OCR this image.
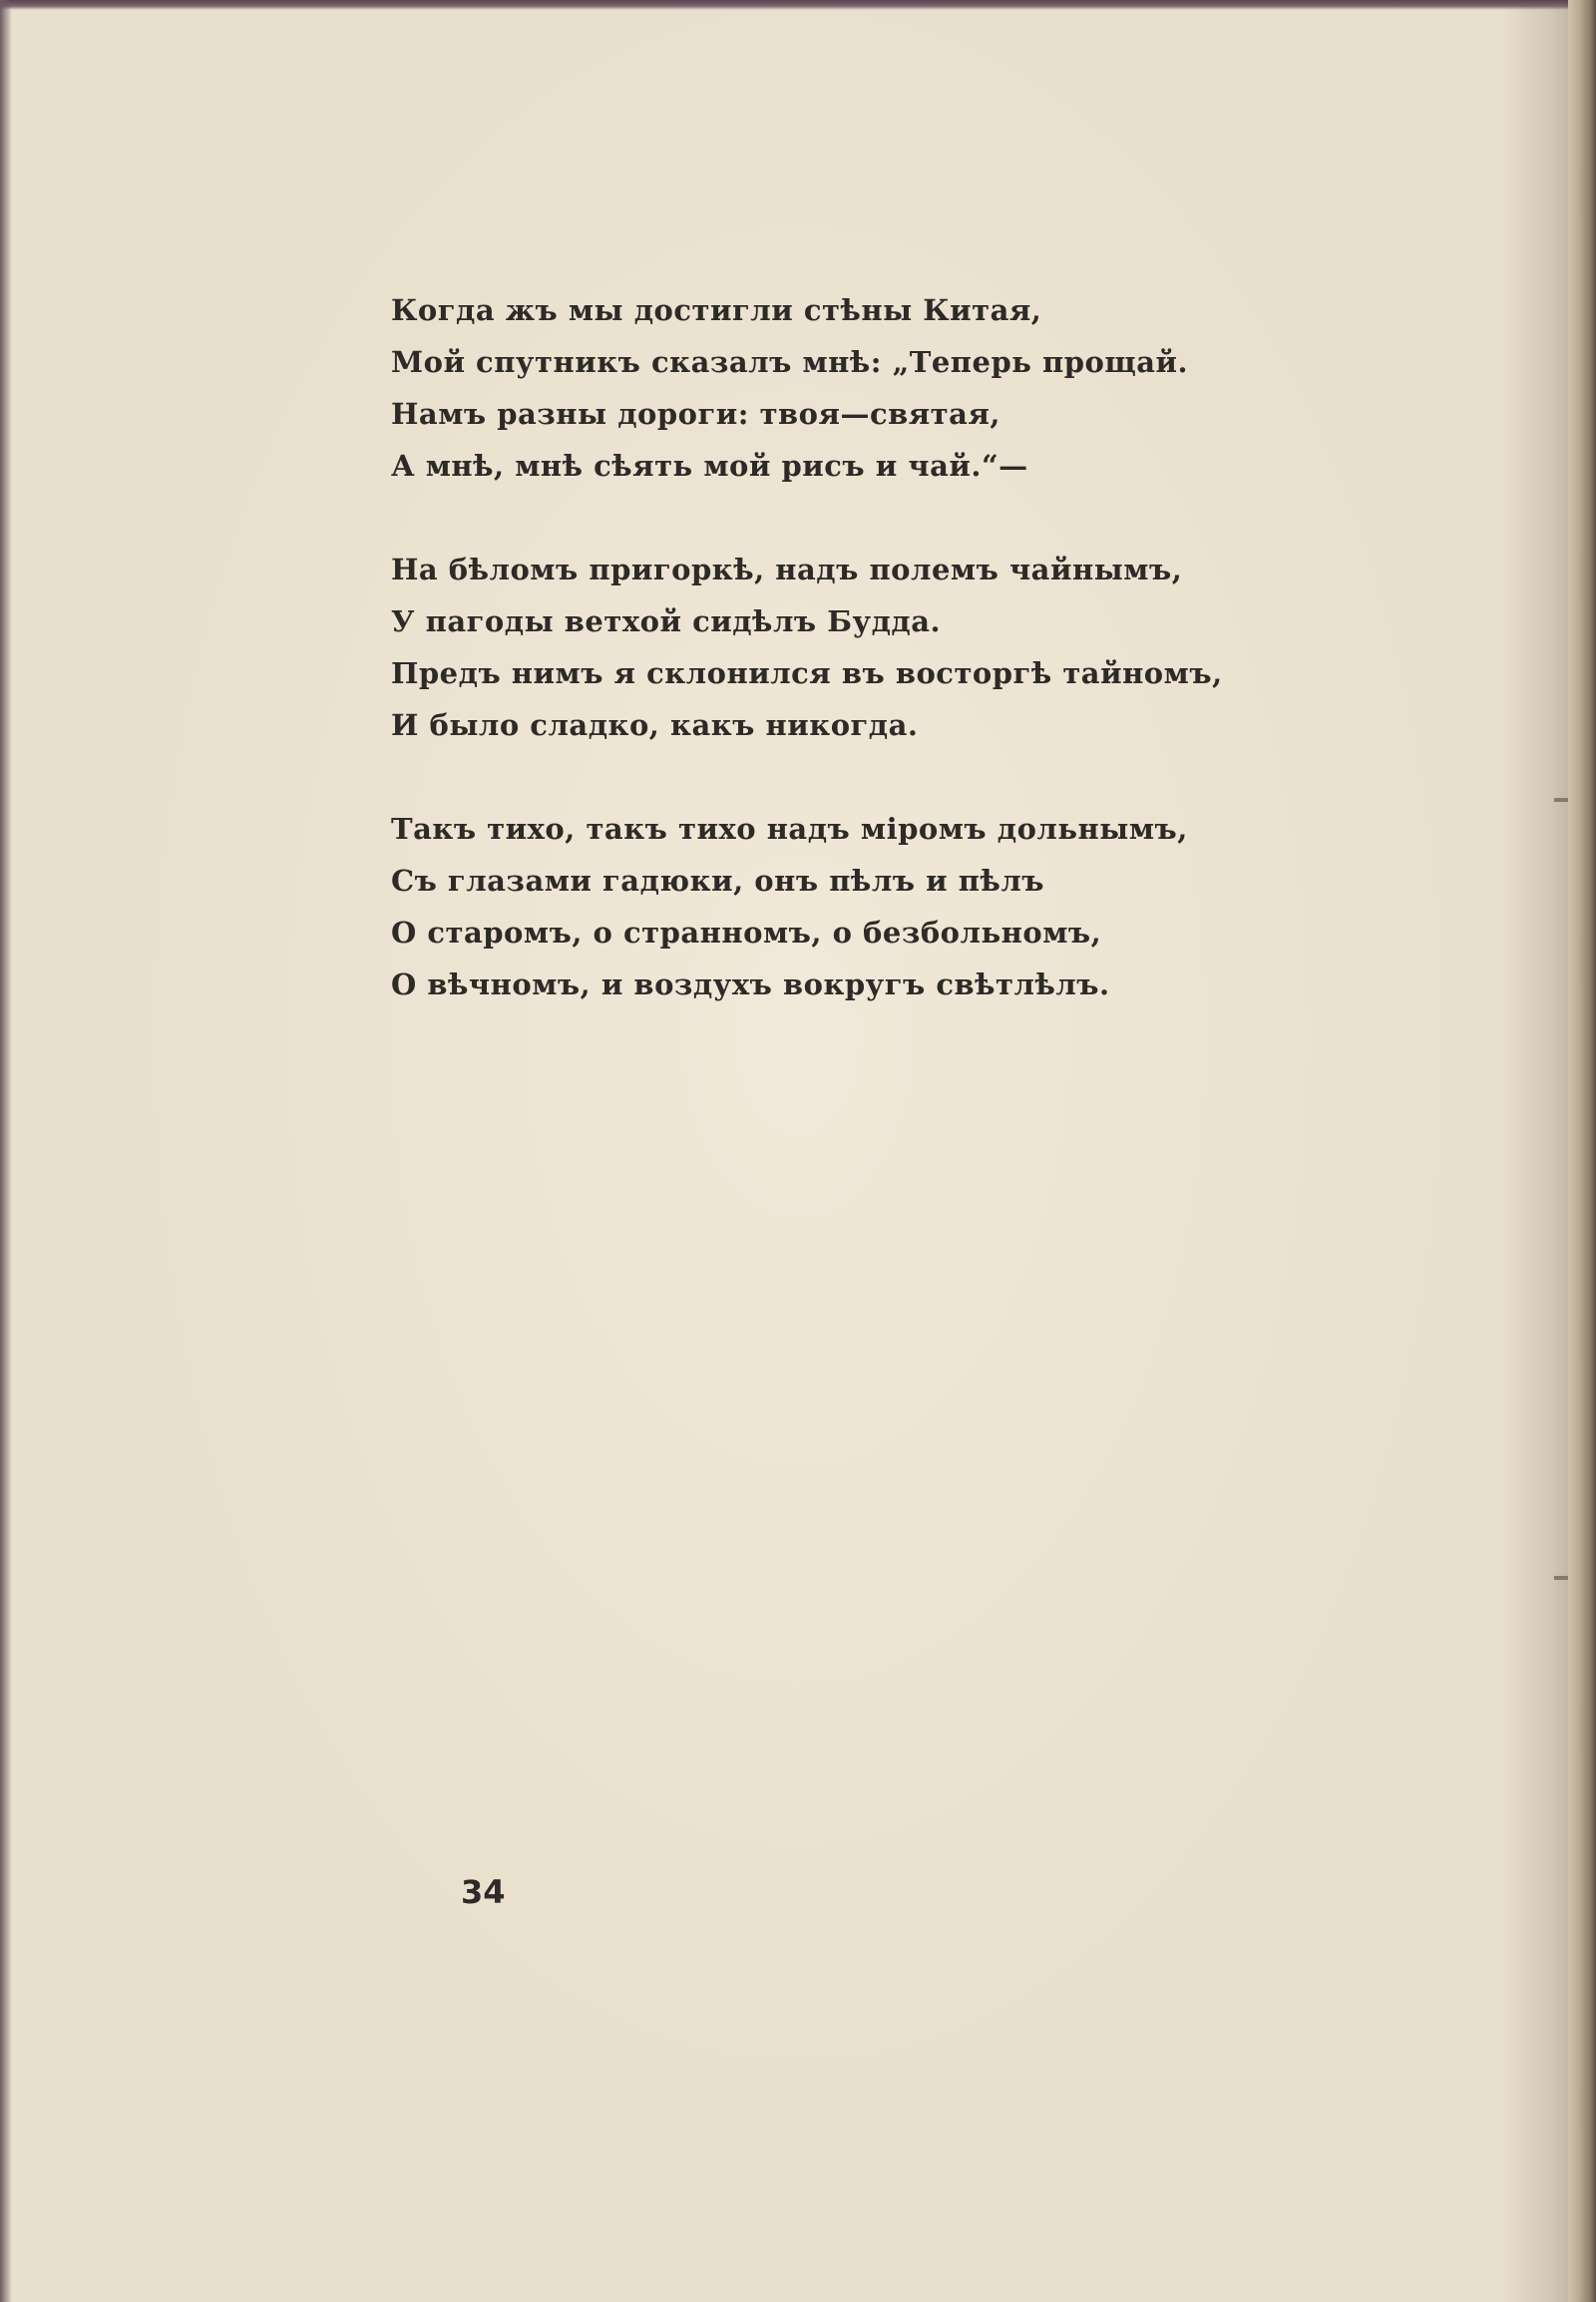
Когда жъ мы достигли стѣны Китая,
Мой спутникъ сказалъ мнѣ: „Теперь прощай.
Намъ разны дороги: твоя—святая,
А мнѣ, мнѣ сѣять мой рисъ и чай.“—
На бѣломъ пригоркѣ, надъ полемъ чайнымъ,
У пагоды ветхой сидѣлъ Будда.
Предъ нимъ я склонился въ восторгѣ тайномъ,
И было сладко, какъ никогда.
Такъ тихо, такъ тихо надъ міромъ дольнымъ,
Съ глазами гадюки, онъ пѣлъ и пѣлъ
О старомъ, о странномъ, о безбольномъ,
О вѣчномъ, и воздухъ вокругъ свѣтлѣлъ.
34
